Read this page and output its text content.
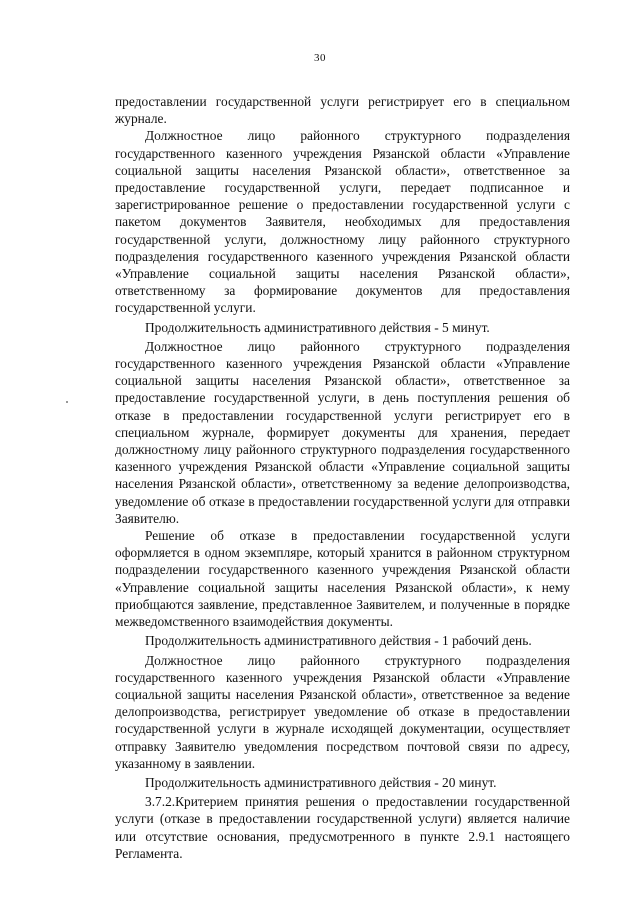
30

предоставлении государственной услуги регистрирует его в специальном журнале.

Должностное лицо районного структурного подразделения государственного казенного учреждения Рязанской области «Управление социальной защиты населения Рязанской области», ответственное за предоставление государственной услуги, передает подписанное и зарегистрированное решение о предоставлении государственной услуги с пакетом документов Заявителя, необходимых для предоставления государственной услуги, должностному лицу районного структурного подразделения государственного казенного учреждения Рязанской области «Управление социальной защиты населения Рязанской области», ответственному за формирование документов для предоставления государственной услуги.

Продолжительность административного действия - 5 минут.

Должностное лицо районного структурного подразделения государственного казенного учреждения Рязанской области «Управление социальной защиты населения Рязанской области», ответственное за предоставление государственной услуги, в день поступления решения об отказе в предоставлении государственной услуги регистрирует его в специальном журнале, формирует документы для хранения, передает должностному лицу районного структурного подразделения государственного казенного учреждения Рязанской области «Управление социальной защиты населения Рязанской области», ответственному за ведение делопроизводства, уведомление об отказе в предоставлении государственной услуги для отправки Заявителю.

Решение об отказе в предоставлении государственной услуги оформляется в одном экземпляре, который хранится в районном структурном подразделении государственного казенного учреждения Рязанской области «Управление социальной защиты населения Рязанской области», к нему приобщаются заявление, представленное Заявителем, и полученные в порядке межведомственного взаимодействия документы.

Продолжительность административного действия - 1 рабочий день.

Должностное лицо районного структурного подразделения государственного казенного учреждения Рязанской области «Управление социальной защиты населения Рязанской области», ответственное за ведение делопроизводства, регистрирует уведомление об отказе в предоставлении государственной услуги в журнале исходящей документации, осуществляет отправку Заявителю уведомления посредством почтовой связи по адресу, указанному в заявлении.

Продолжительность административного действия - 20 минут.

3.7.2.Критерием принятия решения о предоставлении государственной услуги (отказе в предоставлении государственной услуги) является наличие или отсутствие основания, предусмотренного в пункте 2.9.1 настоящего Регламента.
